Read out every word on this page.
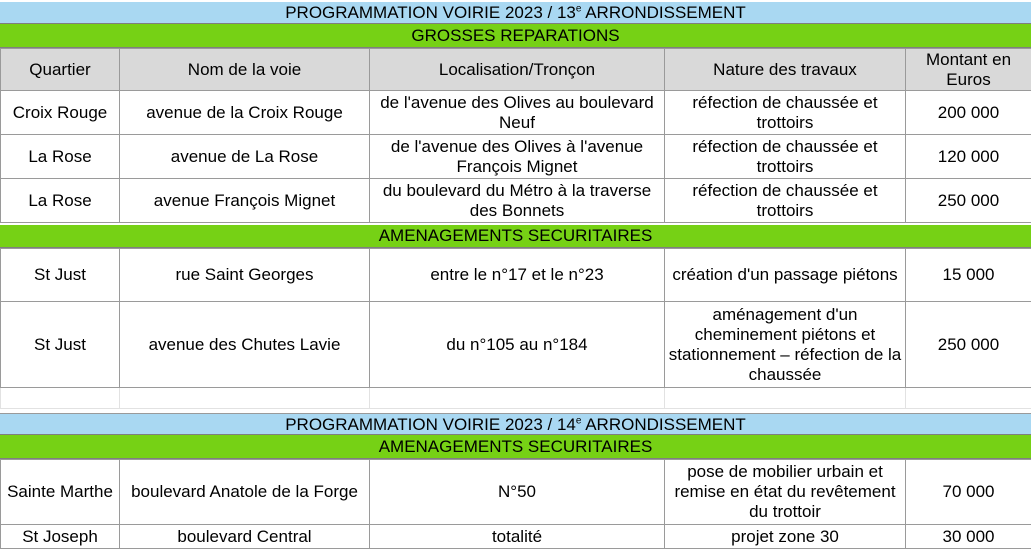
PROGRAMMATION VOIRIE 2023 / 13e ARRONDISSEMENT
GROSSES REPARATIONS
Quartier	Nom de la voie	Localisation/Tronçon	Nature des travaux	Montant en Euros
Croix Rouge	avenue de la Croix Rouge	de l'avenue des Olives au boulevard Neuf	réfection de chaussée et trottoirs	200 000
La Rose	avenue de La Rose	de l'avenue des Olives à l'avenue François Mignet	réfection de chaussée et trottoirs	120 000
La Rose	avenue François Mignet	du boulevard du Métro à la traverse des Bonnets	réfection de chaussée et trottoirs	250 000
AMENAGEMENTS SECURITAIRES
St Just	rue Saint Georges	entre le n°17 et le n°23	création d'un passage piétons	15 000
St Just	avenue des Chutes Lavie	du n°105 au n°184	aménagement d'un cheminement piétons et stationnement – réfection de la chaussée	250 000

PROGRAMMATION VOIRIE 2023 / 14e ARRONDISSEMENT
AMENAGEMENTS SECURITAIRES
Sainte Marthe	boulevard Anatole de la Forge	N°50	pose de mobilier urbain et remise en état du revêtement du trottoir	70 000
St Joseph	boulevard Central	totalité	projet zone 30	30 000
